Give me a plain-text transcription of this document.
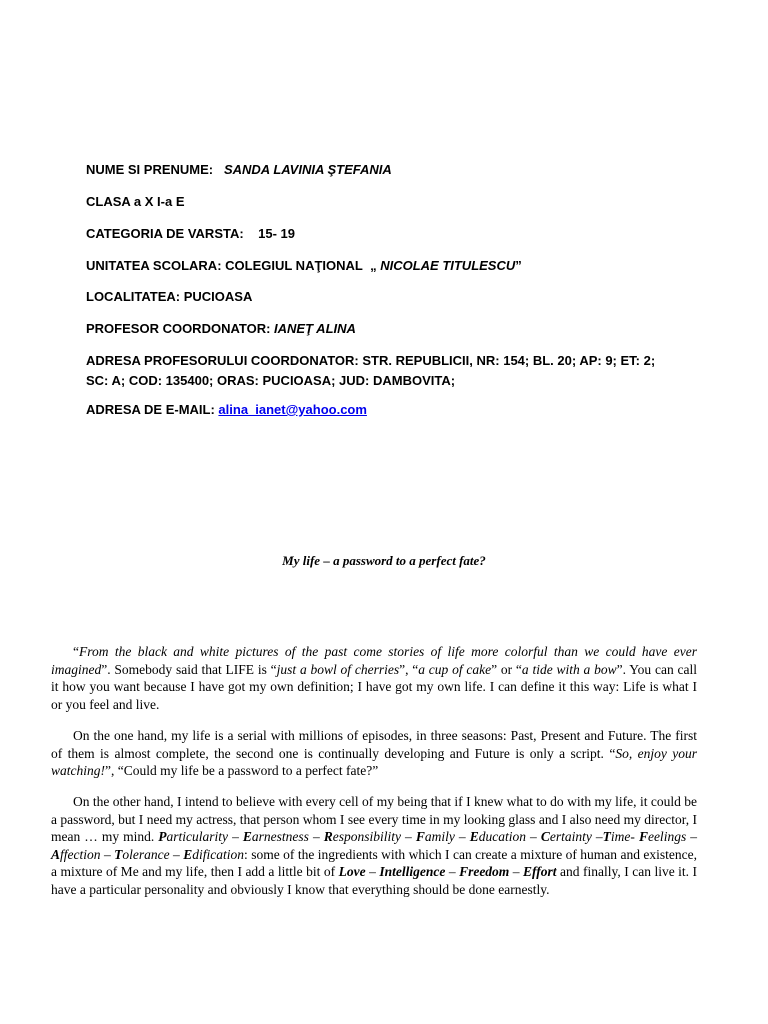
NUME SI PRENUME: SANDA LAVINIA ŞTEFANIA
CLASA a X I-a E
CATEGORIA DE VARSTA: 15- 19
UNITATEA SCOLARA: COLEGIUL NAŢIONAL „ NICOLAE TITULESCU”
LOCALITATEA: PUCIOASA
PROFESOR COORDONATOR: IANEŢ ALINA
ADRESA PROFESORULUI COORDONATOR: STR. REPUBLICII, NR: 154; BL. 20; AP: 9; ET: 2;
SC: A; COD: 135400; ORAS: PUCIOASA; JUD: DAMBOVITA;
ADRESA DE E-MAIL: alina_ianet@yahoo.com
My life – a password to a perfect fate?

“From the black and white pictures of the past come stories of life more colorful than we could have ever imagined”. Somebody said that LIFE is “just a bowl of cherries”, “a cup of cake” or “a tide with a bow”. You can call it how you want because I have got my own definition; I have got my own life. I can define it this way: Life is what I or you feel and live.

On the one hand, my life is a serial with millions of episodes, in three seasons: Past, Present and Future. The first of them is almost complete, the second one is continually developing and Future is only a script. “So, enjoy your watching!”, “Could my life be a password to a perfect fate?”

On the other hand, I intend to believe with every cell of my being that if I knew what to do with my life, it could be a password, but I need my actress, that person whom I see every time in my looking glass and I also need my director, I mean … my mind. Particularity – Earnestness – Responsibility – Family – Education – Certainty –Time- Feelings – Affection – Tolerance – Edification: some of the ingredients with which I can create a mixture of human and existence, a mixture of Me and my life, then I add a little bit of Love – Intelligence – Freedom – Effort and finally, I can live it. I have a particular personality and obviously I know that everything should be done earnestly.
